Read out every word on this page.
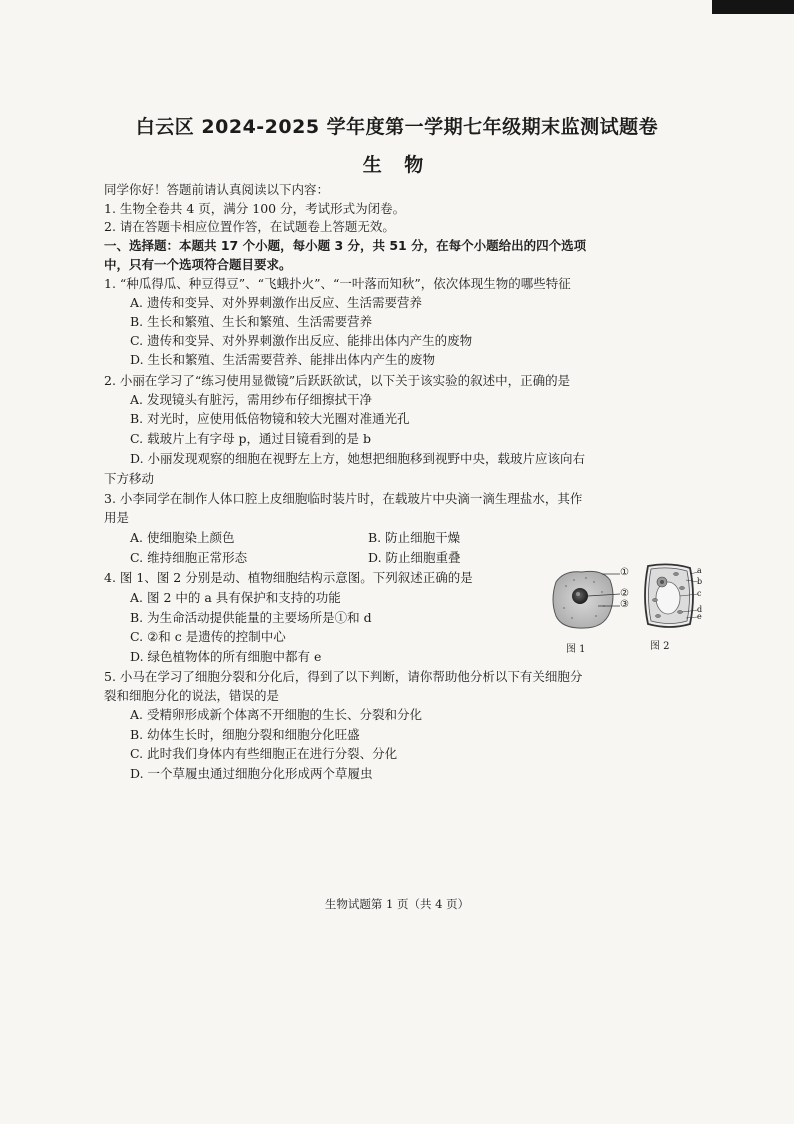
白云区 2024-2025 学年度第一学期七年级期末监测试题卷
生 物
同学你好！答题前请认真阅读以下内容：
1. 生物全卷共 4 页，满分 100 分，考试形式为闭卷。
2. 请在答题卡相应位置作答，在试题卷上答题无效。
一、选择题：本题共 17 个小题，每小题 3 分，共 51 分，在每个小题给出的四个选项
中，只有一个选项符合题目要求。
1. “种瓜得瓜、种豆得豆”、“飞蛾扑火”、“一叶落而知秋”，依次体现生物的哪些特征
A. 遗传和变异、对外界刺激作出反应、生活需要营养
B. 生长和繁殖、生长和繁殖、生活需要营养
C. 遗传和变异、对外界刺激作出反应、能排出体内产生的废物
D. 生长和繁殖、生活需要营养、能排出体内产生的废物
2. 小丽在学习了“练习使用显微镜”后跃跃欲试，以下关于该实验的叙述中，正确的是
A. 发现镜头有脏污，需用纱布仔细擦拭干净
B. 对光时，应使用低倍物镜和较大光圈对准通光孔
C. 载玻片上有字母 p，通过目镜看到的是 b
D. 小丽发现观察的细胞在视野左上方，她想把细胞移到视野中央，载玻片应该向右
下方移动
3. 小李同学在制作人体口腔上皮细胞临时装片时，在载玻片中央滴一滴生理盐水，其作
用是
A. 使细胞染上颜色	B. 防止细胞干燥
C. 维持细胞正常形态	D. 防止细胞重叠
4. 图 1、图 2 分别是动、植物细胞结构示意图。下列叙述正确的是
A. 图 2 中的 a 具有保护和支持的功能
B. 为生命活动提供能量的主要场所是①和 d
C. ②和 c 是遗传的控制中心
D. 绿色植物体的所有细胞中都有 e
①
②
③
图 1
a
b
c
d
e
图 2
5. 小马在学习了细胞分裂和分化后，得到了以下判断，请你帮助他分析以下有关细胞分
裂和细胞分化的说法，错误的是
A. 受精卵形成新个体离不开细胞的生长、分裂和分化
B. 幼体生长时，细胞分裂和细胞分化旺盛
C. 此时我们身体内有些细胞正在进行分裂、分化
D. 一个草履虫通过细胞分化形成两个草履虫
生物试题第 1 页（共 4 页）
